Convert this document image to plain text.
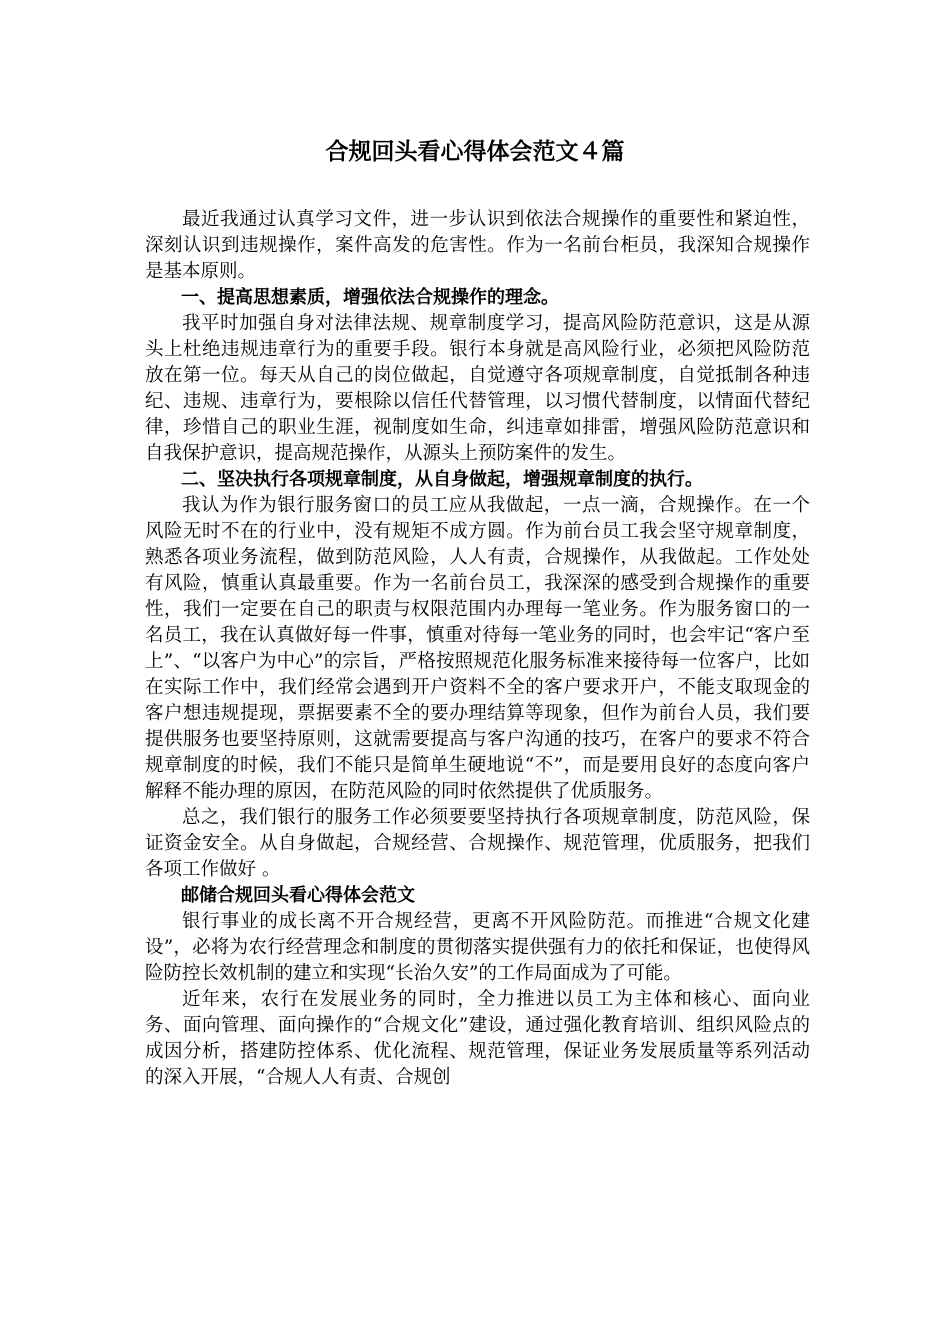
合规回头看心得体会范文４篇

最近我通过认真学习文件，进一步认识到依法合规操作的重要性和紧迫性，深刻认识到违规操作，案件高发的危害性。作为一名前台柜员，我深知合规操作是基本原则。

一、提高思想素质，增强依法合规操作的理念。

我平时加强自身对法律法规、规章制度学习，提高风险防范意识，这是从源头上杜绝违规违章行为的重要手段。银行本身就是高风险行业，必须把风险防范放在第一位。每天从自己的岗位做起，自觉遵守各项规章制度，自觉抵制各种违纪、违规、违章行为，要根除以信任代替管理，以习惯代替制度，以情面代替纪律，珍惜自己的职业生涯，视制度如生命，纠违章如排雷，增强风险防范意识和自我保护意识，提高规范操作，从源头上预防案件的发生。

二、坚决执行各项规章制度，从自身做起，增强规章制度的执行。

我认为作为银行服务窗口的员工应从我做起，一点一滴，合规操作。在一个风险无时不在的行业中，没有规矩不成方圆。作为前台员工我会坚守规章制度，熟悉各项业务流程，做到防范风险，人人有责，合规操作，从我做起。工作处处有风险，慎重认真最重要。作为一名前台员工，我深深的感受到合规操作的重要性，我们一定要在自己的职责与权限范围内办理每一笔业务。作为服务窗口的一名员工，我在认真做好每一件事，慎重对待每一笔业务的同时，也会牢记“客户至上”、“以客户为中心”的宗旨，严格按照规范化服务标准来接待每一位客户，比如在实际工作中，我们经常会遇到开户资料不全的客户要求开户，不能支取现金的客户想违规提现，票据要素不全的要办理结算等现象，但作为前台人员，我们要提供服务也要坚持原则，这就需要提高与客户沟通的技巧，在客户的要求不符合规章制度的时候，我们不能只是简单生硬地说“不”，而是要用良好的态度向客户解释不能办理的原因，在防范风险的同时依然提供了优质服务。

总之，我们银行的服务工作必须要要坚持执行各项规章制度，防范风险，保证资金安全。从自身做起，合规经营、合规操作、规范管理，优质服务，把我们各项工作做好 。

邮储合规回头看心得体会范文

银行事业的成长离不开合规经营，更离不开风险防范。而推进“合规文化建设”，必将为农行经营理念和制度的贯彻落实提供强有力的依托和保证，也使得风险防控长效机制的建立和实现“长治久安”的工作局面成为了可能。

近年来，农行在发展业务的同时，全力推进以员工为主体和核心、面向业务、面向管理、面向操作的“合规文化”建设，通过强化教育培训、组织风险点的成因分析，搭建防控体系、优化流程、规范管理，保证业务发展质量等系列活动的深入开展，“合规人人有责、合规创
